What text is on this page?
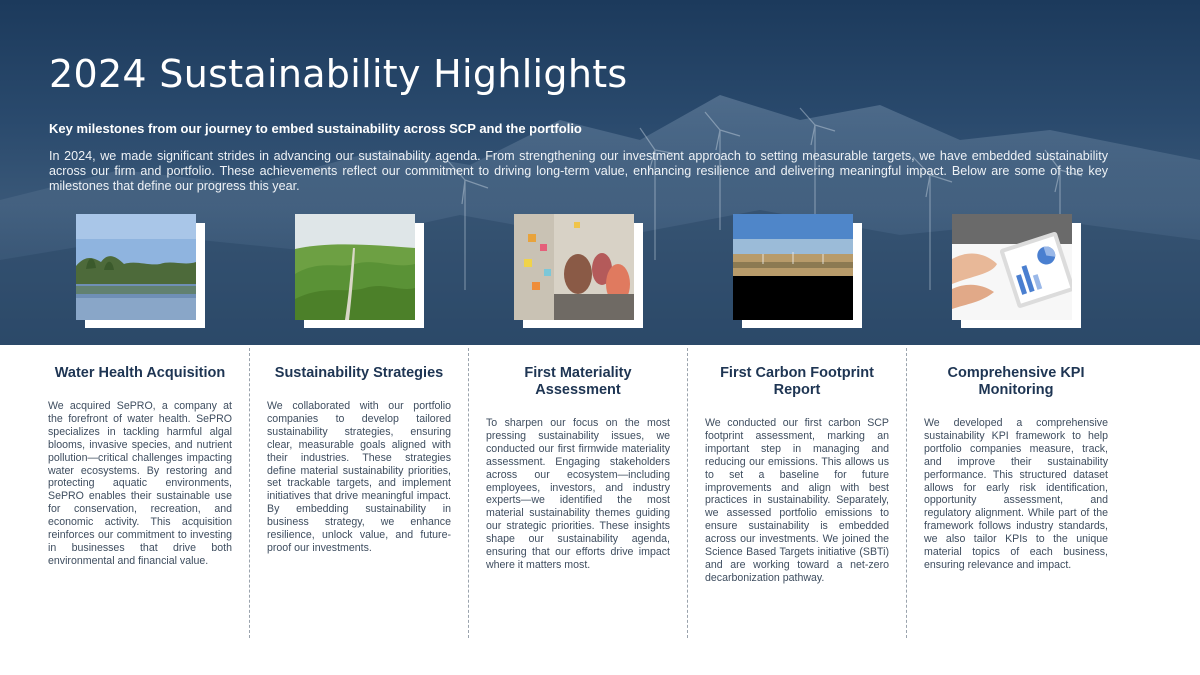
2024 Sustainability Highlights

Key milestones from our journey to embed sustainability across SCP and the portfolio

In 2024, we made significant strides in advancing our sustainability agenda. From strengthening our investment approach to setting measurable targets, we have embedded sustainability across our firm and portfolio. These achievements reflect our commitment to driving long-term value, enhancing resilience and delivering meaningful impact. Below are some of the key milestones that define our progress this year.

Water Health Acquisition

We acquired SePRO, a company at the forefront of water health. SePRO specializes in tackling harmful algal blooms, invasive species, and nutrient pollution—critical challenges impacting water ecosystems. By restoring and protecting aquatic environments, SePRO enables their sustainable use for conservation, recreation, and economic activity. This acquisition reinforces our commitment to investing in businesses that drive both environmental and financial value.

Sustainability Strategies

We collaborated with our portfolio companies to develop tailored sustainability strategies, ensuring clear, measurable goals aligned with their industries. These strategies define material sustainability priorities, set trackable targets, and implement initiatives that drive meaningful impact. By embedding sustainability in business strategy, we enhance resilience, unlock value, and future-proof our investments.

First Materiality Assessment

To sharpen our focus on the most pressing sustainability issues, we conducted our first firmwide materiality assessment. Engaging stakeholders across our ecosystem—including employees, investors, and industry experts—we identified the most material sustainability themes guiding our strategic priorities. These insights shape our sustainability agenda, ensuring that our efforts drive impact where it matters most.

First Carbon Footprint Report

We conducted our first carbon SCP footprint assessment, marking an important step in managing and reducing our emissions. This allows us to set a baseline for future improvements and align with best practices in sustainability. Separately, we assessed portfolio emissions to ensure sustainability is embedded across our investments. We joined the Science Based Targets initiative (SBTi) and are working toward a net-zero decarbonization pathway.

Comprehensive KPI Monitoring

We developed a comprehensive sustainability KPI framework to help portfolio companies measure, track, and improve their sustainability performance. This structured dataset allows for early risk identification, opportunity assessment, and regulatory alignment. While part of the framework follows industry standards, we also tailor KPIs to the unique material topics of each business, ensuring relevance and impact.
